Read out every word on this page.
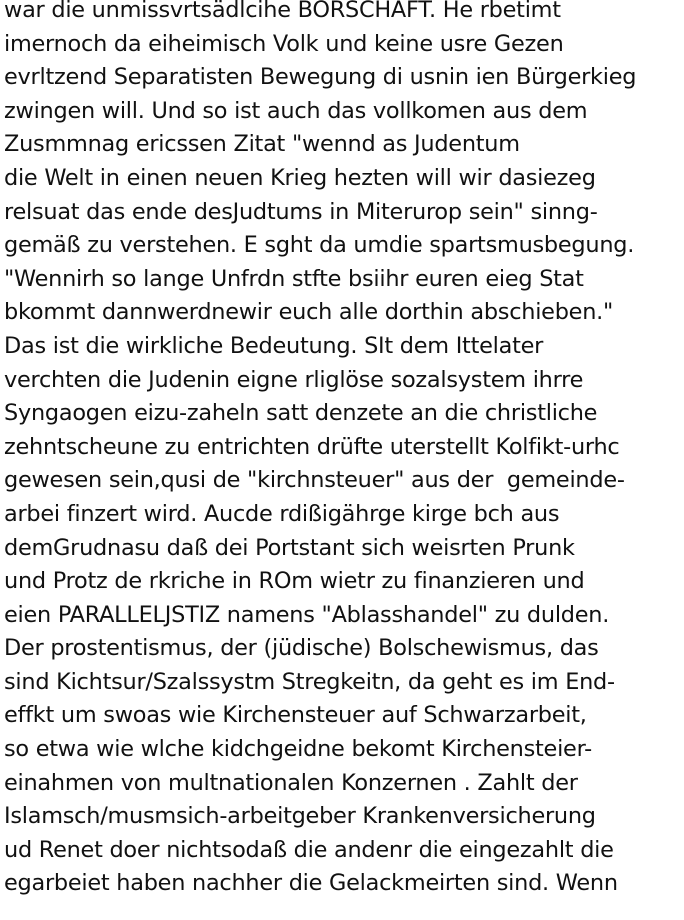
war die unmissvrtsädlcihe BORSCHAFT. He rbetimt
imernoch da eiheimisch Volk und keine usre Gezen
evrltzend Separatisten Bewegung di usnin ien Bürgerkieg
zwingen will. Und so ist auch das vollkomen aus dem
Zusmmnag ericssen Zitat "wennd as Judentum
die Welt in einen neuen Krieg hezten will wir dasiezeg
relsuat das ende desJudtums in Miterurop sein" sinng-
gemäß zu verstehen. E sght da umdie spartsmusbegung.
"Wennirh so lange Unfrdn stfte bsiihr euren eieg Stat
bkommt dannwerdnewir euch alle dorthin abschieben."
Das ist die wirkliche Bedeutung. SIt dem Ittelater
verchten die Judenin eigne rliglöse sozalsystem ihrre
Syngaogen eizu-zaheln satt denzete an die christliche
zehntscheune zu entrichten drüfte uterstellt Kolfikt-urhc
gewesen sein,qusi de "kirchnsteuer" aus der  gemeinde-
arbei finzert wird. Aucde rdißigährge kirge bch aus
demGrudnasu daß dei Portstant sich weisrten Prunk
und Protz de rkriche in ROm wietr zu finanzieren und
eien PARALLELJSTIZ namens "Ablasshandel" zu dulden.
Der prostentismus, der (jüdische) Bolschewismus, das
sind Kichtsur/Szalssystm Stregkeitn, da geht es im End-
effkt um swoas wie Kirchensteuer auf Schwarzarbeit,
so etwa wie wlche kidchgeidne bekomt Kirchensteier-
einahmen von multnationalen Konzernen . Zahlt der
Islamsch/musmsich-arbeitgeber Krankenversicherung
ud Renet doer nichtsodaß die andenr die eingezahlt die
egarbeiet haben nachher die Gelackmeirten sind. Wenn
